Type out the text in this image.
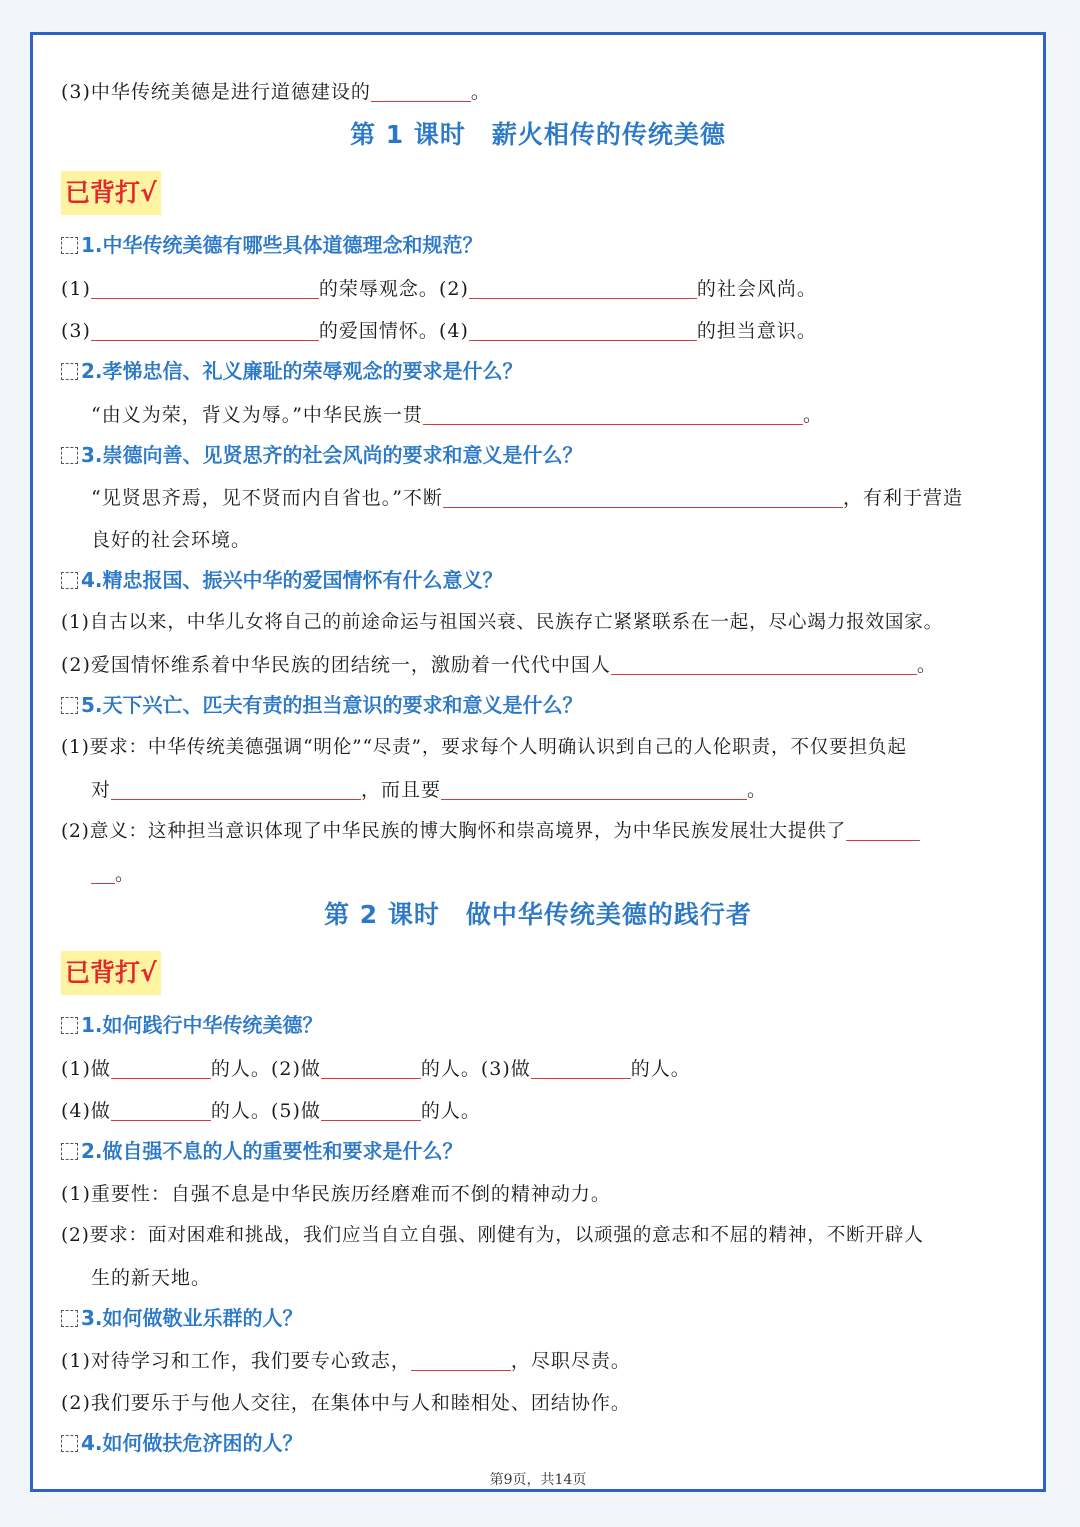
(3)中华传统美德是进行道德建设的	。
第 1 课时 薪火相传的传统美德
已背打√
1.中华传统美德有哪些具体道德理念和规范？
(1)	的荣辱观念。(2)	的社会风尚。
(3)	的爱国情怀。(4)	的担当意识。
2.孝悌忠信、礼义廉耻的荣辱观念的要求是什么？
“由义为荣，背义为辱。”中华民族一贯	。
3.崇德向善、见贤思齐的社会风尚的要求和意义是什么？
“见贤思齐焉，见不贤而内自省也。”不断	，有利于营造
良好的社会环境。
4.精忠报国、振兴中华的爱国情怀有什么意义？
(1)自古以来，中华儿女将自己的前途命运与祖国兴衰、民族存亡紧紧联系在一起，尽心竭力报效国家。
(2)爱国情怀维系着中华民族的团结统一，激励着一代代中国人	。
5.天下兴亡、匹夫有责的担当意识的要求和意义是什么？
(1)要求：中华传统美德强调“明伦”“尽责”，要求每个人明确认识到自己的人伦职责，不仅要担负起
对	，而且要	。
(2)意义：这种担当意识体现了中华民族的博大胸怀和崇高境界，为中华民族发展壮大提供了
。
第 2 课时 做中华传统美德的践行者
已背打√
1.如何践行中华传统美德？
(1)做	的人。(2)做	的人。(3)做	的人。
(4)做	的人。(5)做	的人。
2.做自强不息的人的重要性和要求是什么？
(1)重要性：自强不息是中华民族历经磨难而不倒的精神动力。
(2)要求：面对困难和挑战，我们应当自立自强、刚健有为，以顽强的意志和不屈的精神，不断开辟人
生的新天地。
3.如何做敬业乐群的人？
(1)对待学习和工作，我们要专心致志，	，尽职尽责。
(2)我们要乐于与他人交往，在集体中与人和睦相处、团结协作。
4.如何做扶危济困的人？
第9页，共14页
